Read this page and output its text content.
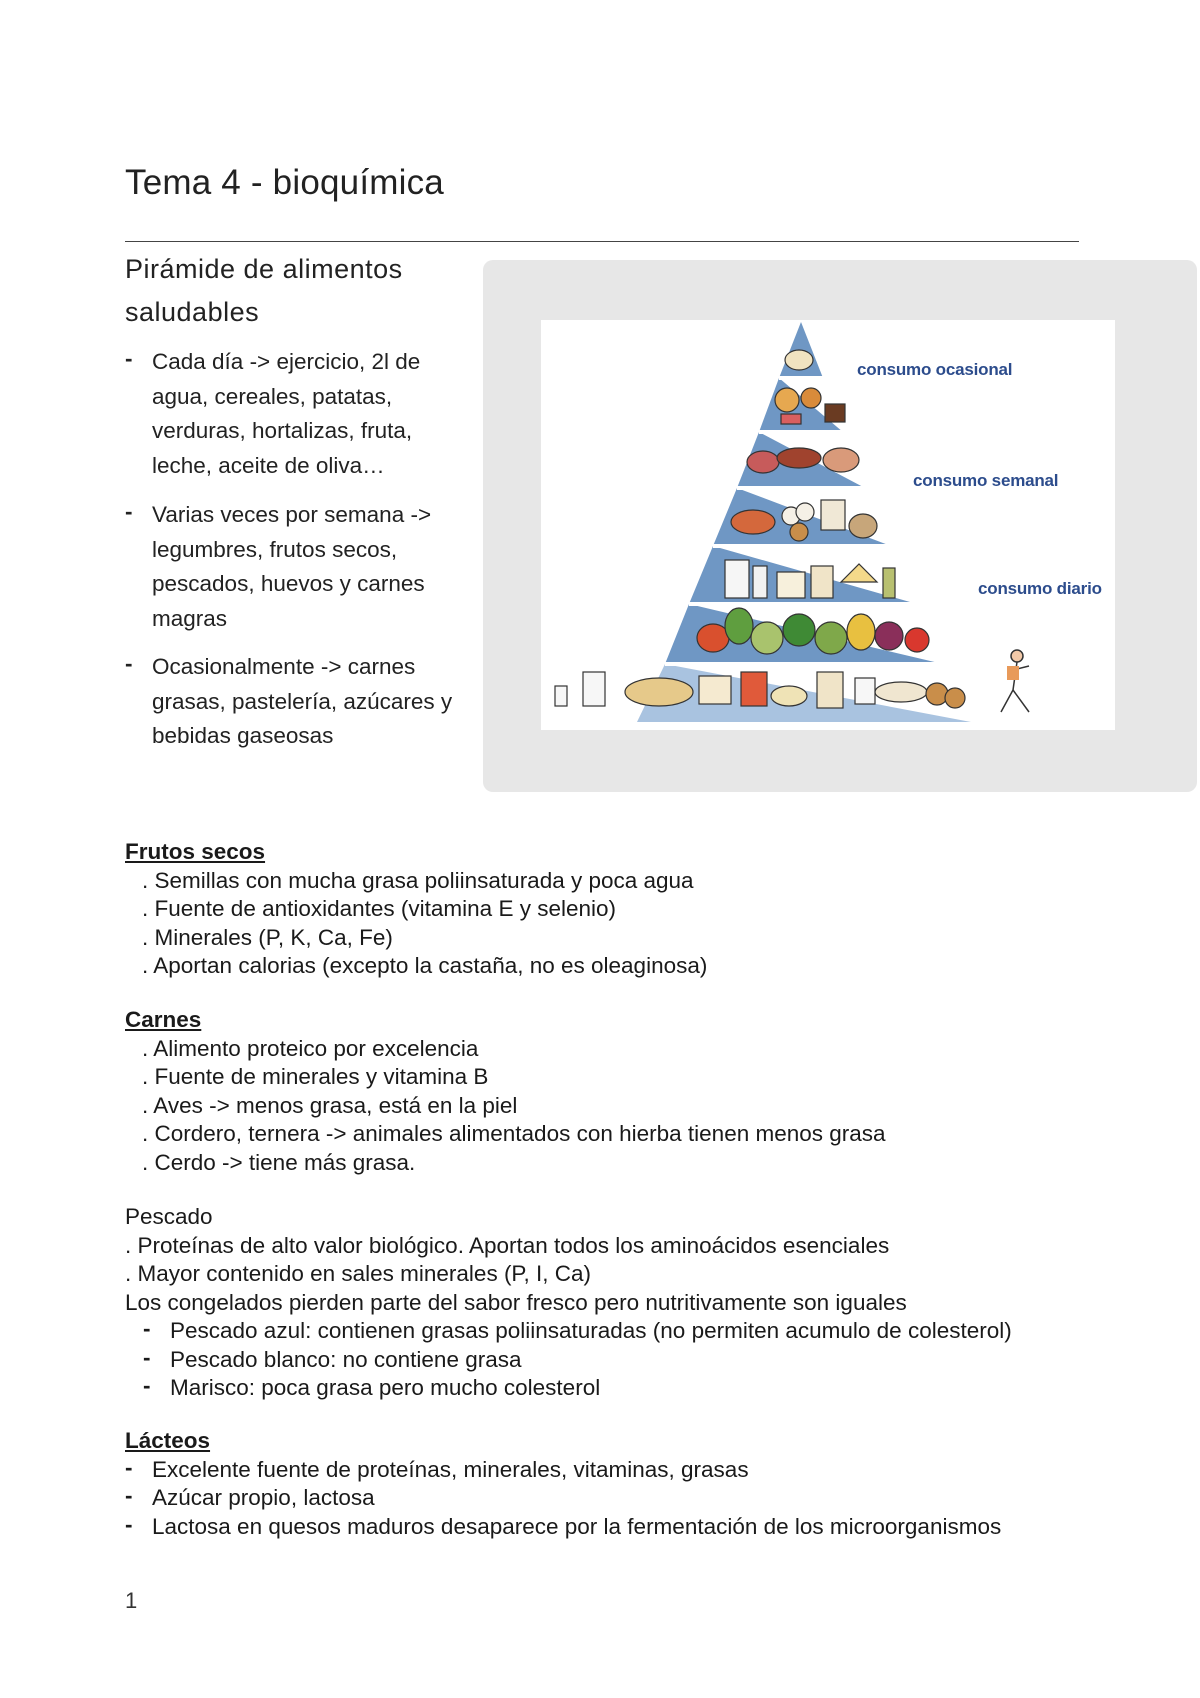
Tema 4 - bioquímica
Pirámide de alimentos saludables
- Cada día -> ejercicio, 2l de agua, cereales, patatas, verduras, hortalizas, fruta, leche, aceite de oliva…
- Varias veces por semana -> legumbres, frutos secos, pescados, huevos y carnes magras
- Ocasionalmente -> carnes grasas, pastelería, azúcares y bebidas gaseosas
consumo ocasional
consumo semanal
consumo diario
Frutos secos
. Semillas con mucha grasa poliinsaturada y poca agua
. Fuente de antioxidantes (vitamina E y selenio)
. Minerales (P, K, Ca, Fe)
. Aportan calorias (excepto la castaña, no es oleaginosa)
Carnes
. Alimento proteico por excelencia
. Fuente de minerales y vitamina B
. Aves -> menos grasa, está en la piel
. Cordero, ternera -> animales alimentados con hierba tienen menos grasa
. Cerdo -> tiene más grasa.
Pescado
. Proteínas de alto valor biológico. Aportan todos los aminoácidos esenciales
. Mayor contenido en sales minerales (P, I, Ca)
Los congelados pierden parte del sabor fresco pero nutritivamente son iguales
- Pescado azul: contienen grasas poliinsaturadas (no permiten acumulo de colesterol)
- Pescado blanco: no contiene grasa
- Marisco: poca grasa pero mucho colesterol
Lácteos
- Excelente fuente de proteínas, minerales, vitaminas, grasas
- Azúcar propio, lactosa
- Lactosa en quesos maduros desaparece por la fermentación de los microorganismos
1
